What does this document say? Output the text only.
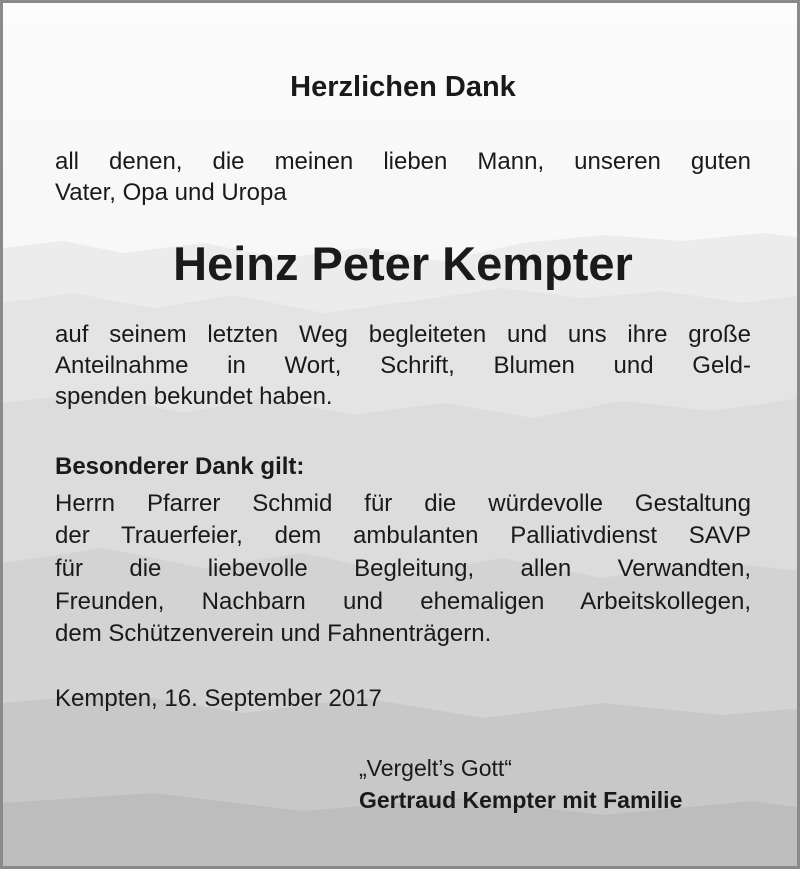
Herzlichen Dank

all denen, die meinen lieben Mann, unseren guten

Vater, Opa und Uropa

Heinz Peter Kempter

auf seinem letzten Weg begleiteten und uns ihre große

Anteilnahme in Wort, Schrift, Blumen und Geld-

spenden bekundet haben.

Besonderer Dank gilt:

Herrn Pfarrer Schmid für die würdevolle Gestaltung

der Trauerfeier, dem ambulanten Palliativdienst SAVP

für die liebevolle Begleitung, allen Verwandten,

Freunden, Nachbarn und ehemaligen Arbeitskollegen,

dem Schützenverein und Fahnenträgern.

Kempten, 16. September 2017

„Vergelt’s Gott“

Gertraud Kempter mit Familie
